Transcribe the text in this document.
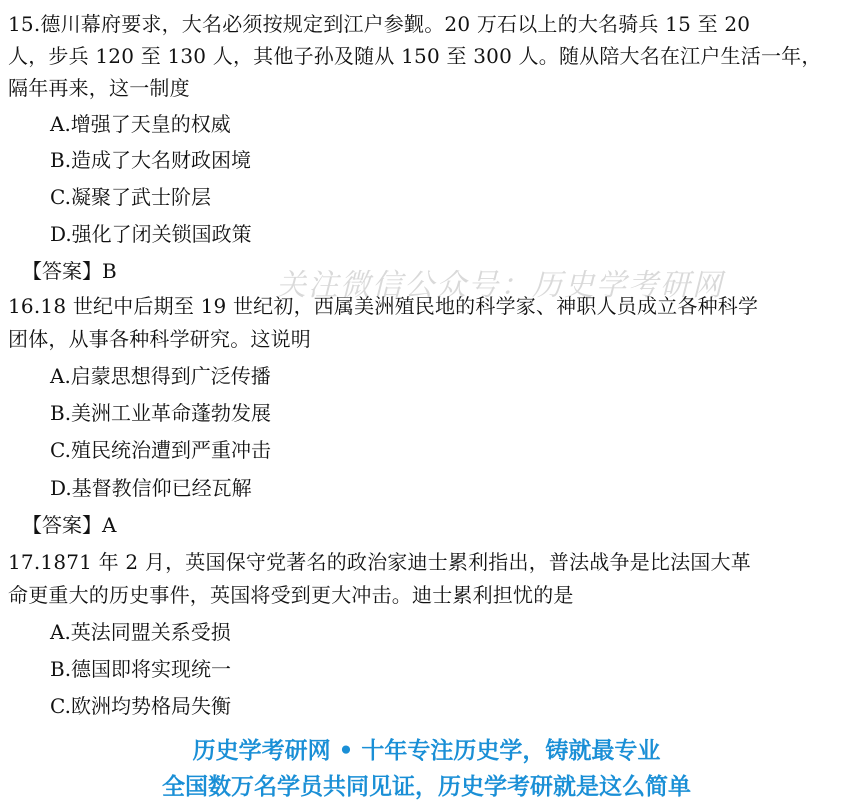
关注微信公众号：历史学考研网
15.德川幕府要求，大名必须按规定到江户参觐。20 万石以上的大名骑兵 15 至 20
人，步兵 120 至 130 人，其他子孙及随从 150 至 300 人。随从陪大名在江户生活一年，
隔年再来，这一制度
A.增强了天皇的权威
B.造成了大名财政困境
C.凝聚了武士阶层
D.强化了闭关锁国政策
【答案】B
16.18 世纪中后期至 19 世纪初，西属美洲殖民地的科学家、神职人员成立各种科学
团体，从事各种科学研究。这说明
A.启蒙思想得到广泛传播
B.美洲工业革命蓬勃发展
C.殖民统治遭到严重冲击
D.基督教信仰已经瓦解
【答案】A
17.1871 年 2 月，英国保守党著名的政治家迪士累利指出，普法战争是比法国大革
命更重大的历史事件，英国将受到更大冲击。迪士累利担忧的是
A.英法同盟关系受损
B.德国即将实现统一
C.欧洲均势格局失衡
历史学考研网 • 十年专注历史学，铸就最专业
全国数万名学员共同见证，历史学考研就是这么简单
